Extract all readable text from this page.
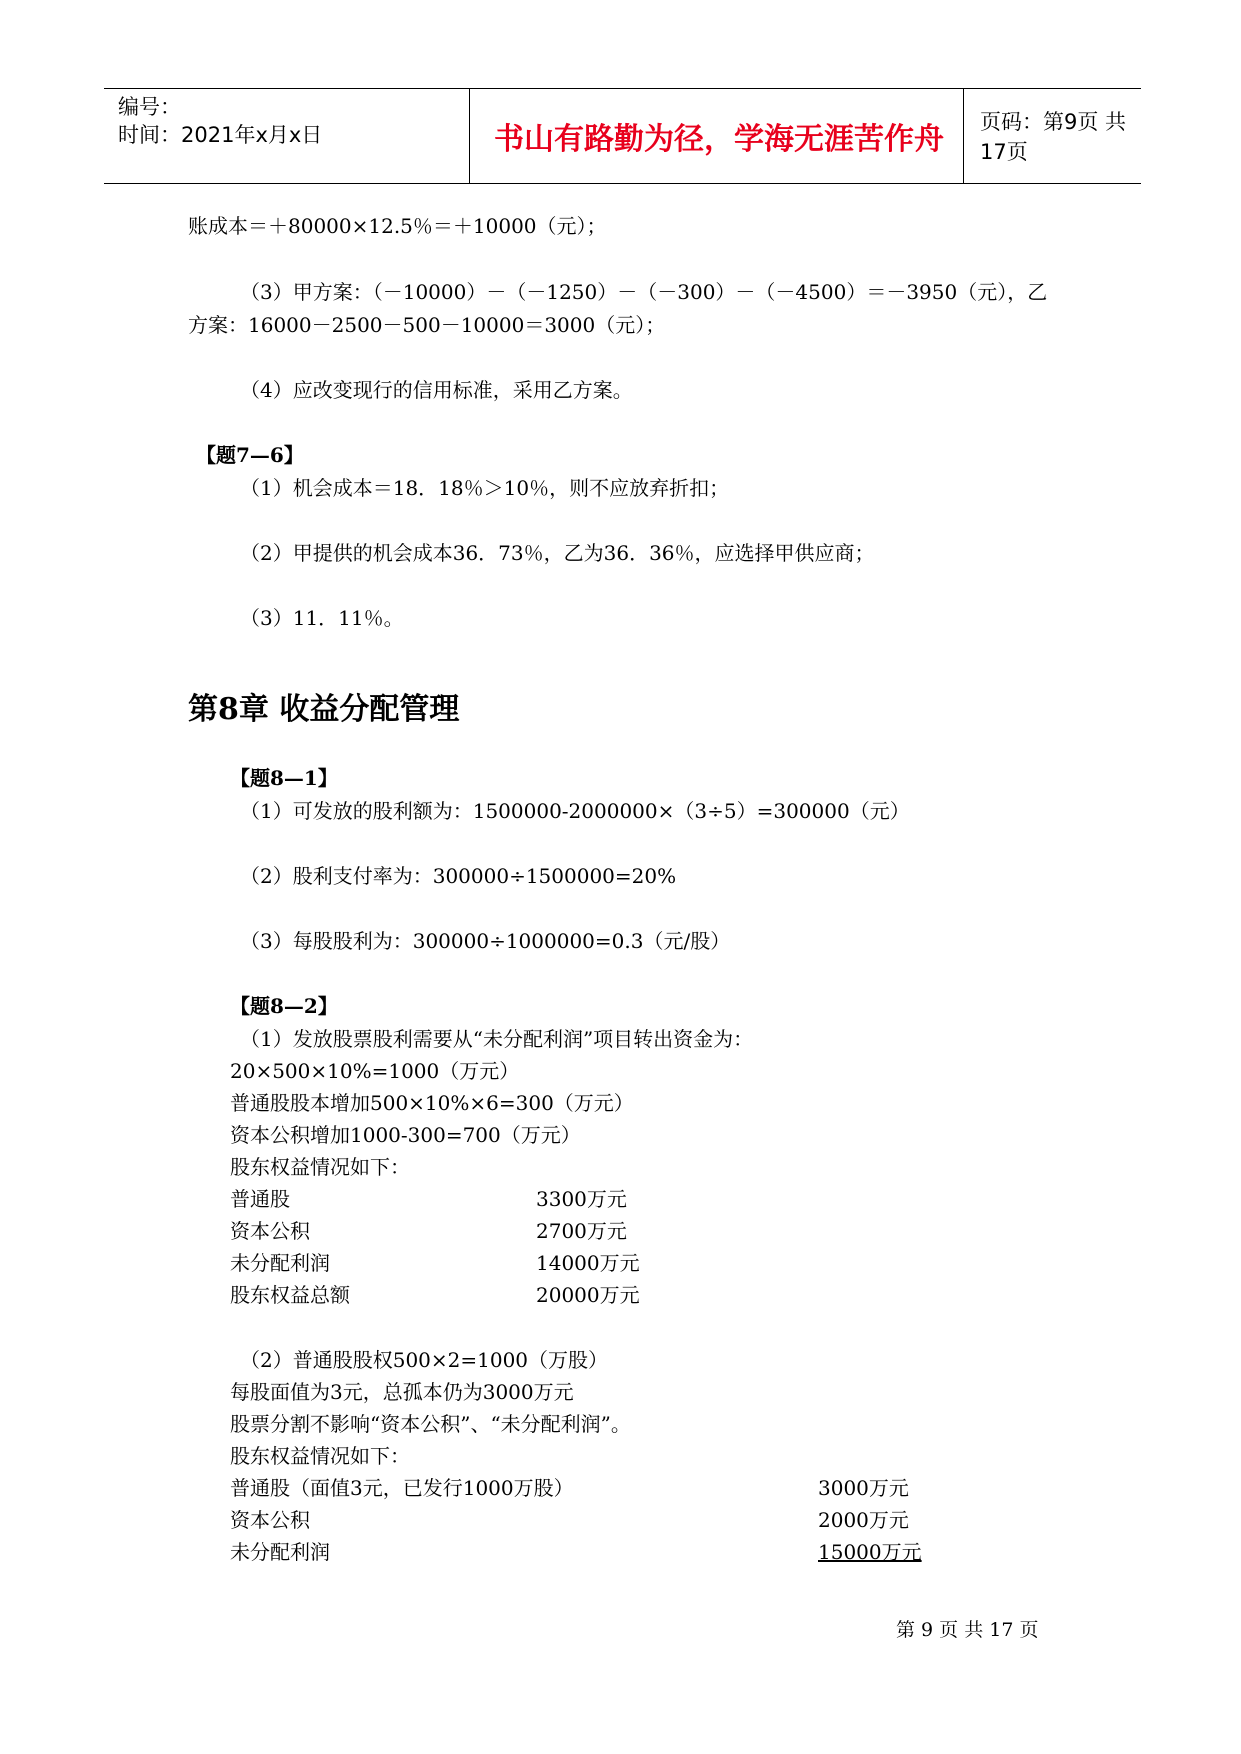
编号：
时间：2021年x月x日	书山有路勤为径，学海无涯苦作舟	页码：第9页 共17页
账成本＝＋80000×12.5％＝＋10000（元）；
（3）甲方案：（－10000）－（－1250）－（－300）－（－4500）＝－3950（元），乙
方案：16000－2500－500－10000＝3000（元）；
（4）应改变现行的信用标准，采用乙方案。
【题7—6】
（1）机会成本＝18．18％＞10％，则不应放弃折扣；
（2）甲提供的机会成本36．73％，乙为36．36％，应选择甲供应商；
（3）11．11％。
第8章 收益分配管理
【题8—1】
（1）可发放的股利额为：1500000-2000000×（3÷5）=300000（元）
（2）股利支付率为：300000÷1500000=20%
（3）每股股利为：300000÷1000000=0.3（元/股）
【题8—2】
（1）发放股票股利需要从“未分配利润”项目转出资金为：
20×500×10%=1000（万元）
普通股股本增加500×10%×6=300（万元）
资本公积增加1000-300=700（万元）
股东权益情况如下：
普通股	3300万元
资本公积	2700万元
未分配利润	14000万元
股东权益总额	20000万元
（2）普通股股权500×2=1000（万股）
每股面值为3元，总孤本仍为3000万元
股票分割不影响“资本公积”、“未分配利润”。
股东权益情况如下：
普通股（面值3元，已发行1000万股）	3000万元
资本公积	2000万元
未分配利润	15000万元
第 9 页 共 17 页
